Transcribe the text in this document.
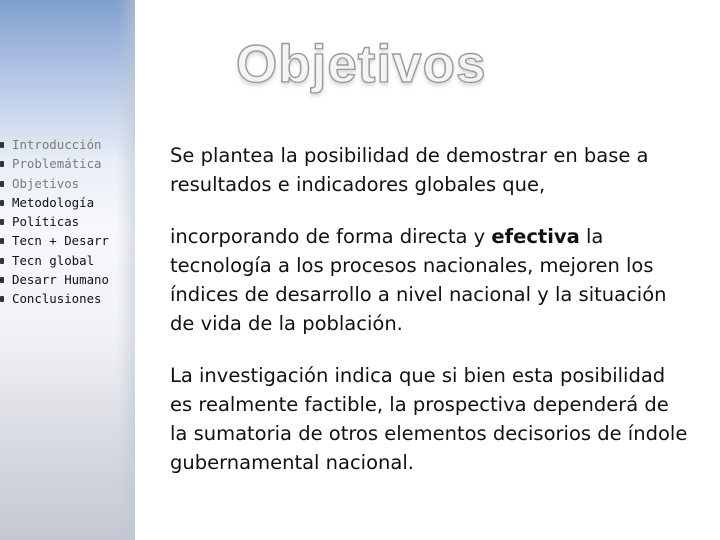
Introducción
Problemática
Objetivos
Metodología
Políticas
Tecn + Desarr
Tecn global
Desarr Humano
Conclusiones
Objetivos

Se plantea la posibilidad de demostrar en base a resultados e indicadores globales que,

incorporando de forma directa y efectiva la tecnología a los procesos nacionales, mejoren los índices de desarrollo a nivel nacional y la situación de vida de la población.

La investigación indica que si bien esta posibilidad es realmente factible, la prospectiva dependerá de la sumatoria de otros elementos decisorios de índole gubernamental nacional.
